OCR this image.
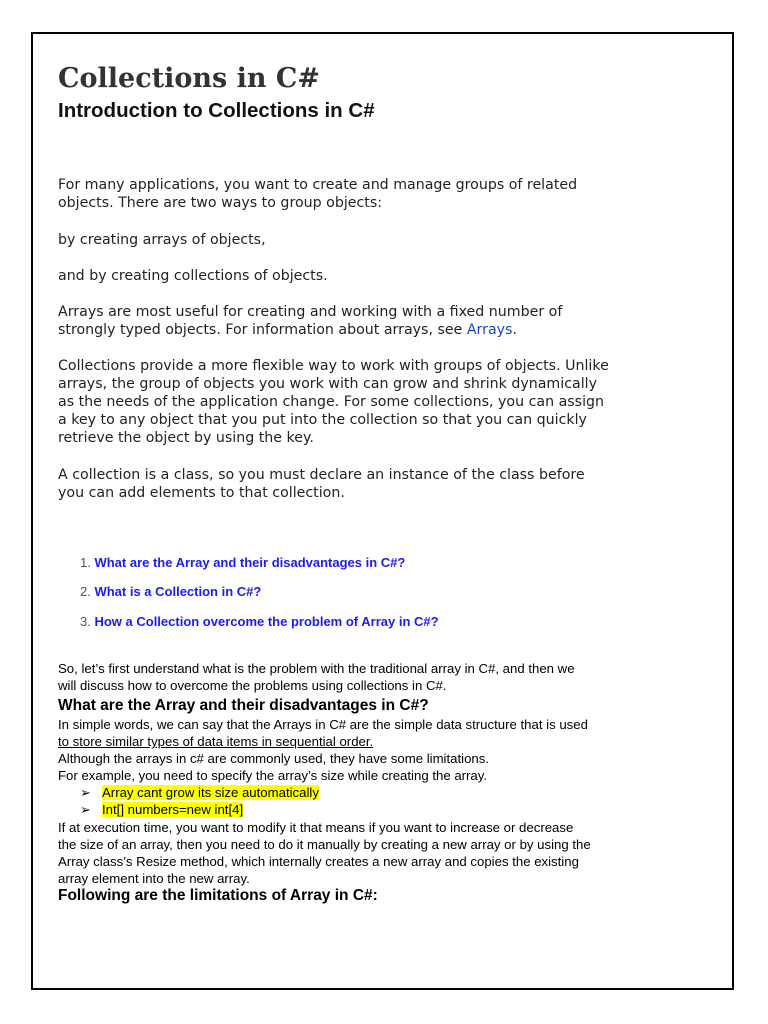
Collections in C#
Introduction to Collections in C#
For many applications, you want to create and manage groups of related
objects. There are two ways to group objects:
by creating arrays of objects,
and by creating collections of objects.
Arrays are most useful for creating and working with a fixed number of
strongly typed objects. For information about arrays, see Arrays.
Collections provide a more flexible way to work with groups of objects. Unlike
arrays, the group of objects you work with can grow and shrink dynamically
as the needs of the application change. For some collections, you can assign
a key to any object that you put into the collection so that you can quickly
retrieve the object by using the key.
A collection is a class, so you must declare an instance of the class before
you can add elements to that collection.
1. What are the Array and their disadvantages in C#?
2. What is a Collection in C#?
3. How a Collection overcome the problem of Array in C#?
So, let’s first understand what is the problem with the traditional array in C#, and then we
will discuss how to overcome the problems using collections in C#.
What are the Array and their disadvantages in C#?
In simple words, we can say that the Arrays in C# are the simple data structure that is used
to store similar types of data items in sequential order.
Although the arrays in c# are commonly used, they have some limitations.
For example, you need to specify the array’s size while creating the array.
➢ Array cant grow its size automatically
➢ Int[] numbers=new int[4]
If at execution time, you want to modify it that means if you want to increase or decrease
the size of an array, then you need to do it manually by creating a new array or by using the
Array class’s Resize method, which internally creates a new array and copies the existing
array element into the new array.
Following are the limitations of Array in C#:
